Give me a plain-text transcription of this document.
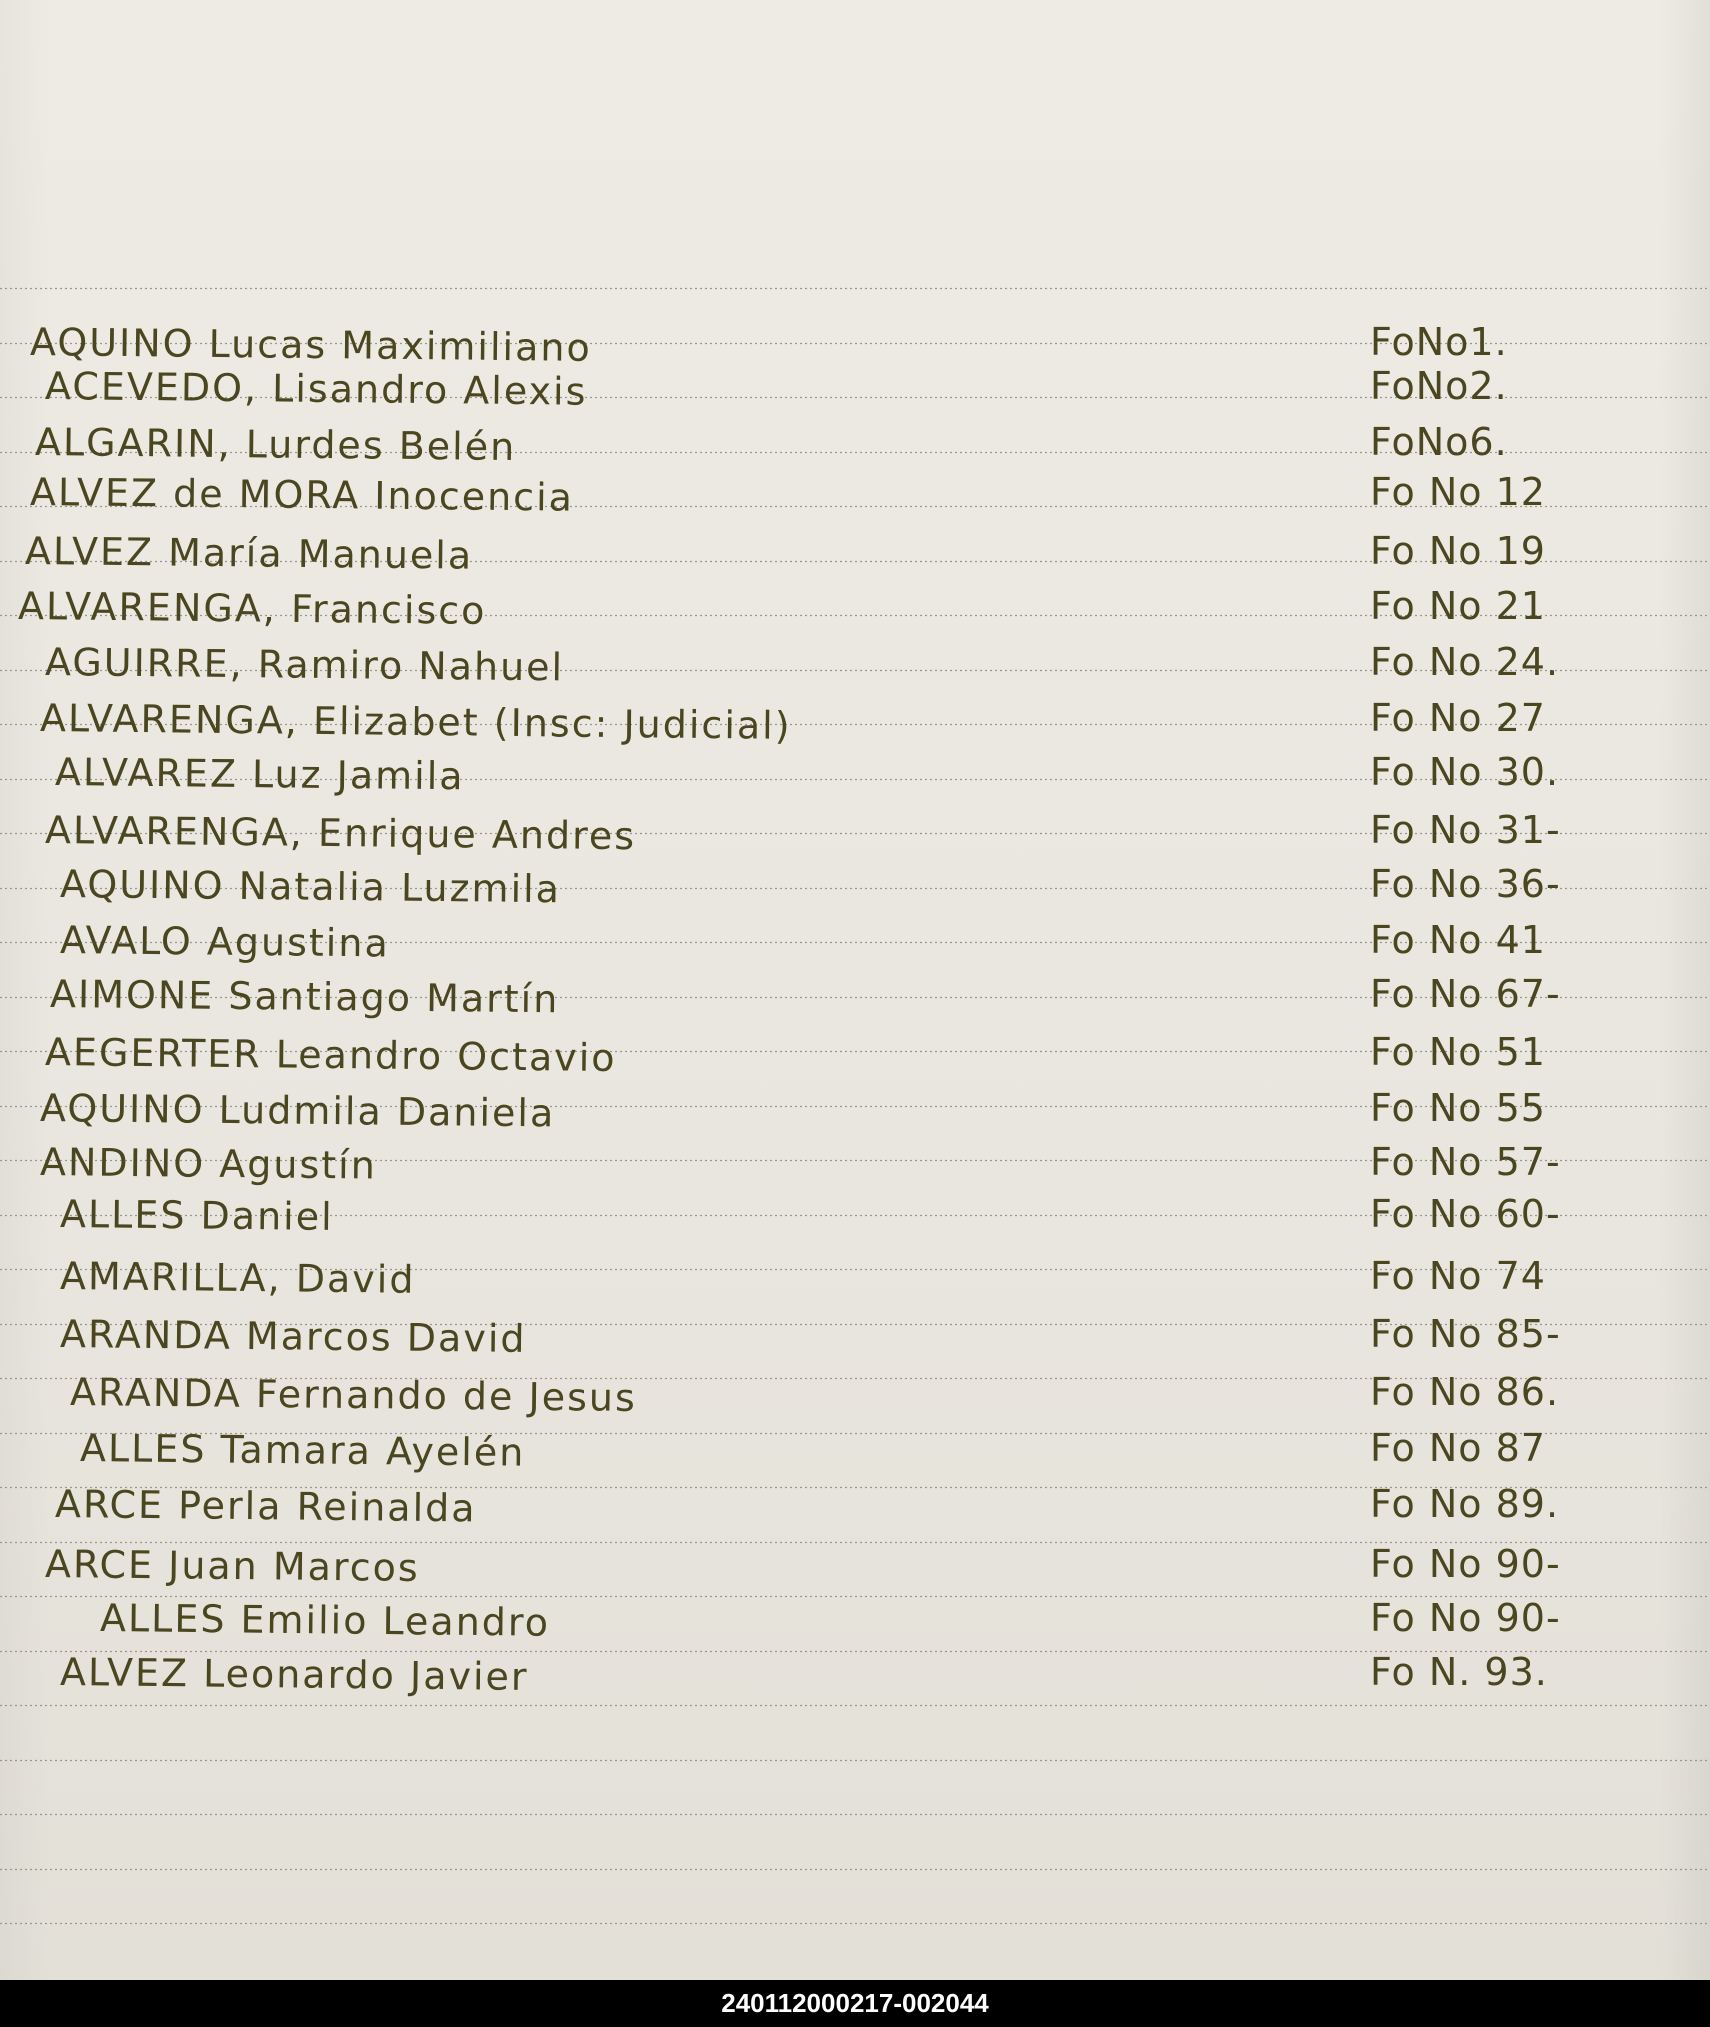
AQUINO Lucas Maximiliano	FoNo1.
ACEVEDO, Lisandro Alexis	FoNo2.
ALGARIN, Lurdes Belén	FoNo6.
ALVEZ de MORA Inocencia	Fo No 12
ALVEZ María Manuela	Fo No 19
ALVARENGA, Francisco	Fo No 21
AGUIRRE, Ramiro Nahuel	Fo No 24.
ALVARENGA, Elizabet (Insc: Judicial)	Fo No 27
ALVAREZ Luz Jamila	Fo No 30.
ALVARENGA, Enrique Andres	Fo No 31-
AQUINO Natalia Luzmila	Fo No 36-
AVALO Agustina	Fo No 41
AIMONE Santiago Martín	Fo No 67-
AEGERTER Leandro Octavio	Fo No 51
AQUINO Ludmila Daniela	Fo No 55
ANDINO Agustín	Fo No 57-
ALLES Daniel	Fo No 60-
AMARILLA, David	Fo No 74
ARANDA Marcos David	Fo No 85-
ARANDA Fernando de Jesus	Fo No 86.
ALLES Tamara Ayelén	Fo No 87
ARCE Perla Reinalda	Fo No 89.
ARCE Juan Marcos	Fo No 90-
ALLES Emilio Leandro	Fo No 90-
ALVEZ Leonardo Javier	Fo N. 93.
240112000217-002044
